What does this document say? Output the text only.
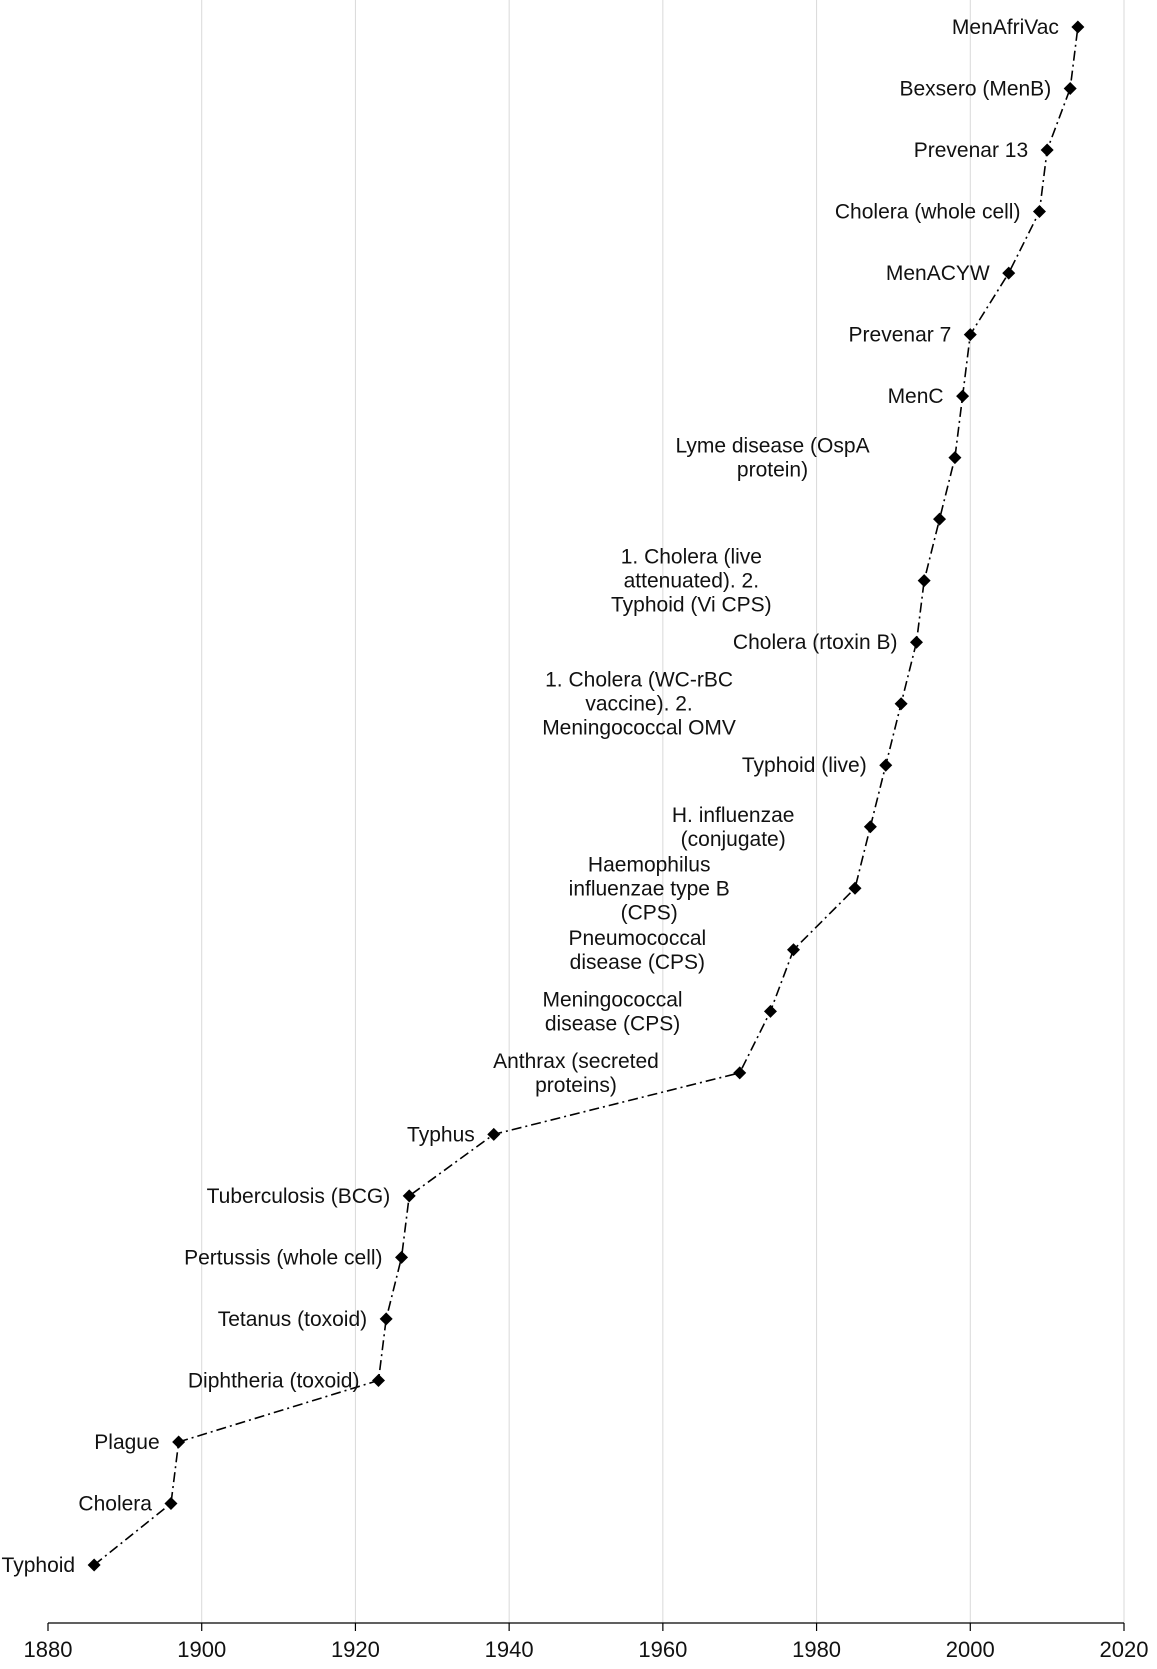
1880	1900	1920	1940	1960	1980	2000	2020
Typhoid
Cholera
Plague
Diphtheria (toxoid)
Tetanus (toxoid)
Pertussis (whole cell)
Tuberculosis (BCG)
Typhus
Anthrax (secreted proteins)
Meningococcal disease (CPS)
Pneumococcal disease (CPS)
Haemophilus influenzae type B (CPS)
H. influenzae (conjugate)
Typhoid (live)
1. Cholera (WC-rBC vaccine). 2. Meningococcal OMV
Cholera (rtoxin B)
1. Cholera (live attenuated). 2. Typhoid (Vi CPS)
Lyme disease (OspA protein)
MenC
Prevenar 7
MenACYW
Cholera (whole cell)
Prevenar 13
Bexsero (MenB)
MenAfriVac
